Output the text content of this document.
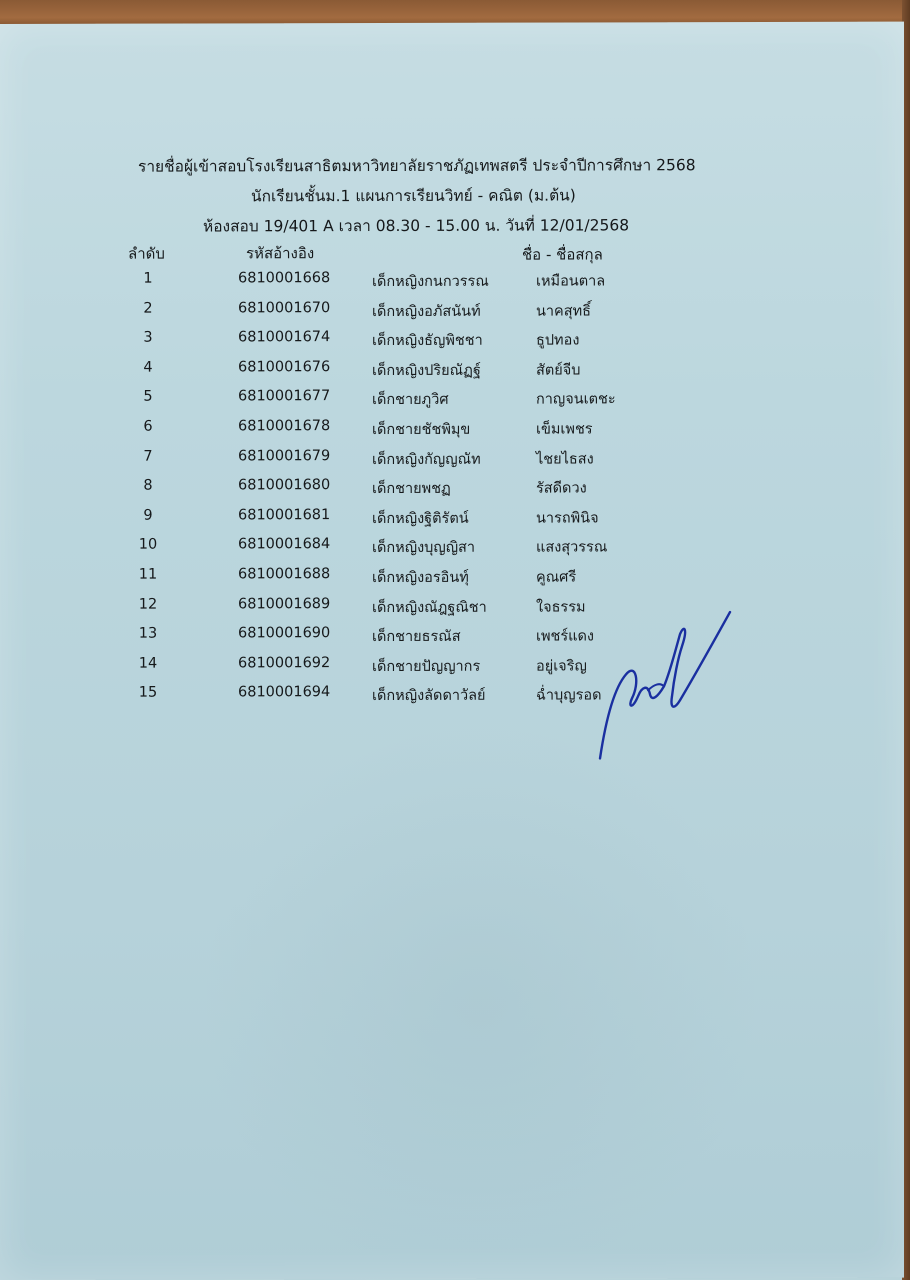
รายชื่อผู้เข้าสอบโรงเรียนสาธิตมหาวิทยาลัยราชภัฏเทพสตรี ประจำปีการศึกษา 2568
นักเรียนชั้นม.1 แผนการเรียนวิทย์ - คณิต (ม.ต้น)
ห้องสอบ 19/401 A เวลา 08.30 - 15.00 น. วันที่ 12/01/2568
ลำดับ	รหัสอ้างอิง	ชื่อ - ชื่อสกุล
1	6810001668	เด็กหญิงกนกวรรณ	เหมือนตาล
2	6810001670	เด็กหญิงอภัสนันท์	นาคสุทธิ์
3	6810001674	เด็กหญิงธัญพิชชา	ธูปทอง
4	6810001676	เด็กหญิงปริยณัฏฐ์	สัตย์จีบ
5	6810001677	เด็กชายภูวิศ	กาญจนเตชะ
6	6810001678	เด็กชายชัชพิมุข	เข็มเพชร
7	6810001679	เด็กหญิงกัญญณัท	ไชยไธสง
8	6810001680	เด็กชายพชฏ	รัสดีดวง
9	6810001681	เด็กหญิงฐิติรัตน์	นารถพินิจ
10	6810001684	เด็กหญิงบุญญิสา	แสงสุวรรณ
11	6810001688	เด็กหญิงอรอินทุ์	คูณศรี
12	6810001689	เด็กหญิงณัฎฐณิชา	ใจธรรม
13	6810001690	เด็กชายธรณัส	เพชร์แดง
14	6810001692	เด็กชายปัญญากร	อยู่เจริญ
15	6810001694	เด็กหญิงลัดดาวัลย์	ฉ่ำบุญรอด
